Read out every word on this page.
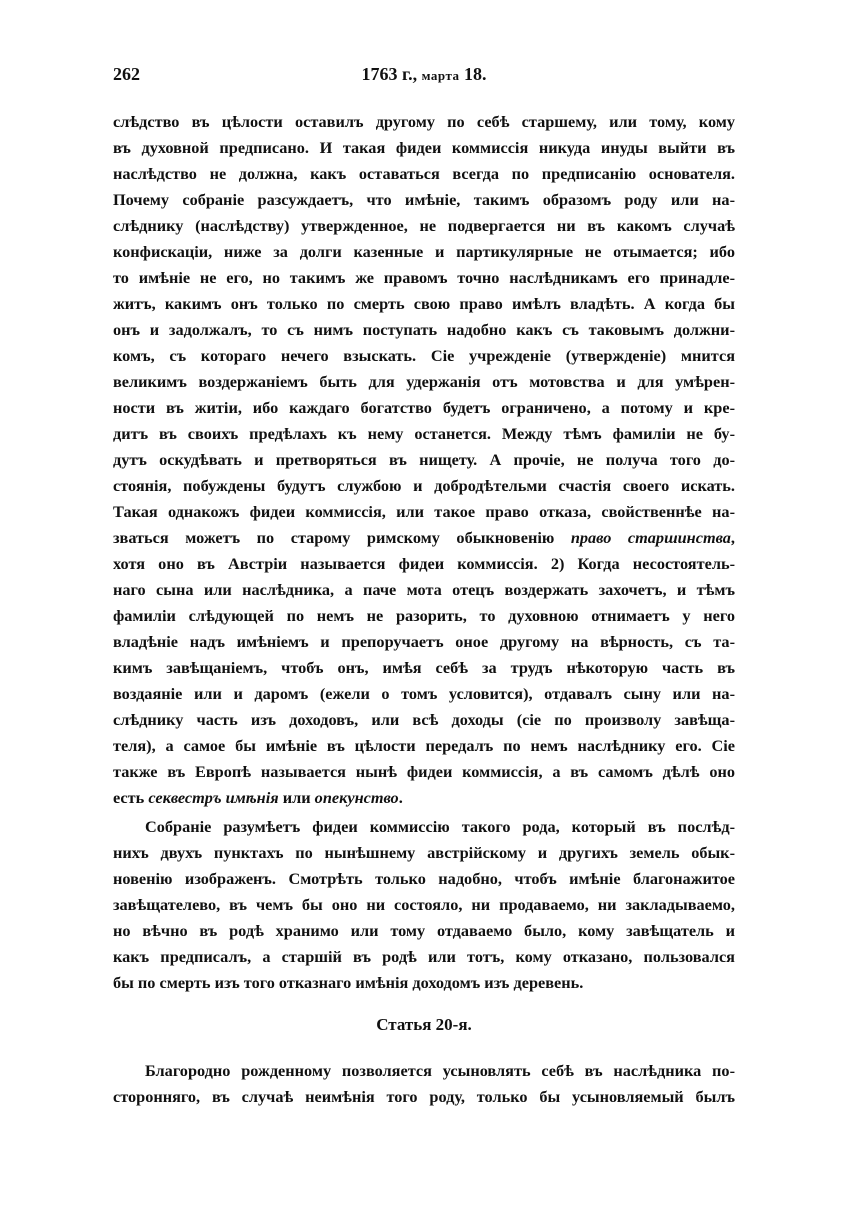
262	1763 г., марта 18.
слѣдство въ цѣлости оставилъ другому по себѣ старшему, или тому, кому
въ духовной предписано. И такая фидеи коммиссія никуда инуды выйти въ
наслѣдство не должна, какъ оставаться всегда по предписанію основателя.
Почему собраніе разсуждаетъ, что имѣніе, такимъ образомъ роду или на-
слѣднику (наслѣдству) утвержденное, не подвергается ни въ какомъ случаѣ
конфискаціи, ниже за долги казенные и партикулярные не отымается; ибо
то имѣніе не его, но такимъ же правомъ точно наслѣдникамъ его принадле-
житъ, какимъ онъ только по смерть свою право имѣлъ владѣть. А когда бы
онъ и задолжалъ, то съ нимъ поступать надобно какъ съ таковымъ должни-
комъ, съ котораго нечего взыскать. Сіе учрежденіе (утвержденіе) мнится
великимъ воздержаніемъ быть для удержанія отъ мотовства и для умѣрен-
ности въ житіи, ибо каждаго богатство будетъ ограничено, а потому и кре-
дитъ въ своихъ предѣлахъ къ нему останется. Между тѣмъ фамиліи не бу-
дутъ оскудѣвать и претворяться въ нищету. А прочіе, не получа того до-
стоянія, побуждены будутъ службою и добродѣтельми счастія своего искать.
Такая однакожъ фидеи коммиссія, или такое право отказа, свойственнѣе на-
зваться можетъ по старому римскому обыкновенію право старшинства,
хотя оно въ Австріи называется фидеи коммиссія. 2) Когда несостоятель-
наго сына или наслѣдника, а паче мота отецъ воздержать захочетъ, и тѣмъ
фамиліи слѣдующей по немъ не разорить, то духовною отнимаетъ у него
владѣніе надъ имѣніемъ и препоручаетъ оное другому на вѣрность, съ та-
кимъ завѣщаніемъ, чтобъ онъ, имѣя себѣ за трудъ нѣкоторую часть въ
воздаяніе или и даромъ (ежели о томъ условится), отдавалъ сыну или на-
слѣднику часть изъ доходовъ, или всѣ доходы (сіе по произволу завѣща-
теля), а самое бы имѣніе въ цѣлости передалъ по немъ наслѣднику его. Сіе
также въ Европѣ называется нынѣ фидеи коммиссія, а въ самомъ дѣлѣ оно
есть секвестръ имѣнія или опекунство.
Собраніе разумѣетъ фидеи коммиссію такого рода, который въ послѣд-
нихъ двухъ пунктахъ по нынѣшнему австрійскому и другихъ земель обык-
новенію изображенъ. Смотрѣть только надобно, чтобъ имѣніе благонажитое
завѣщателево, въ чемъ бы оно ни состояло, ни продаваемо, ни закладываемо,
но вѣчно въ родѣ хранимо или тому отдаваемо было, кому завѣщатель и
какъ предписалъ, а старшій въ родѣ или тотъ, кому отказано, пользовался
бы по смерть изъ того отказнаго имѣнія доходомъ изъ деревень.
Статья 20-я.
Благородно рожденному позволяется усыновлять себѣ въ наслѣдника по-
сторонняго, въ случаѣ неимѣнія того роду, только бы усыновляемый былъ
